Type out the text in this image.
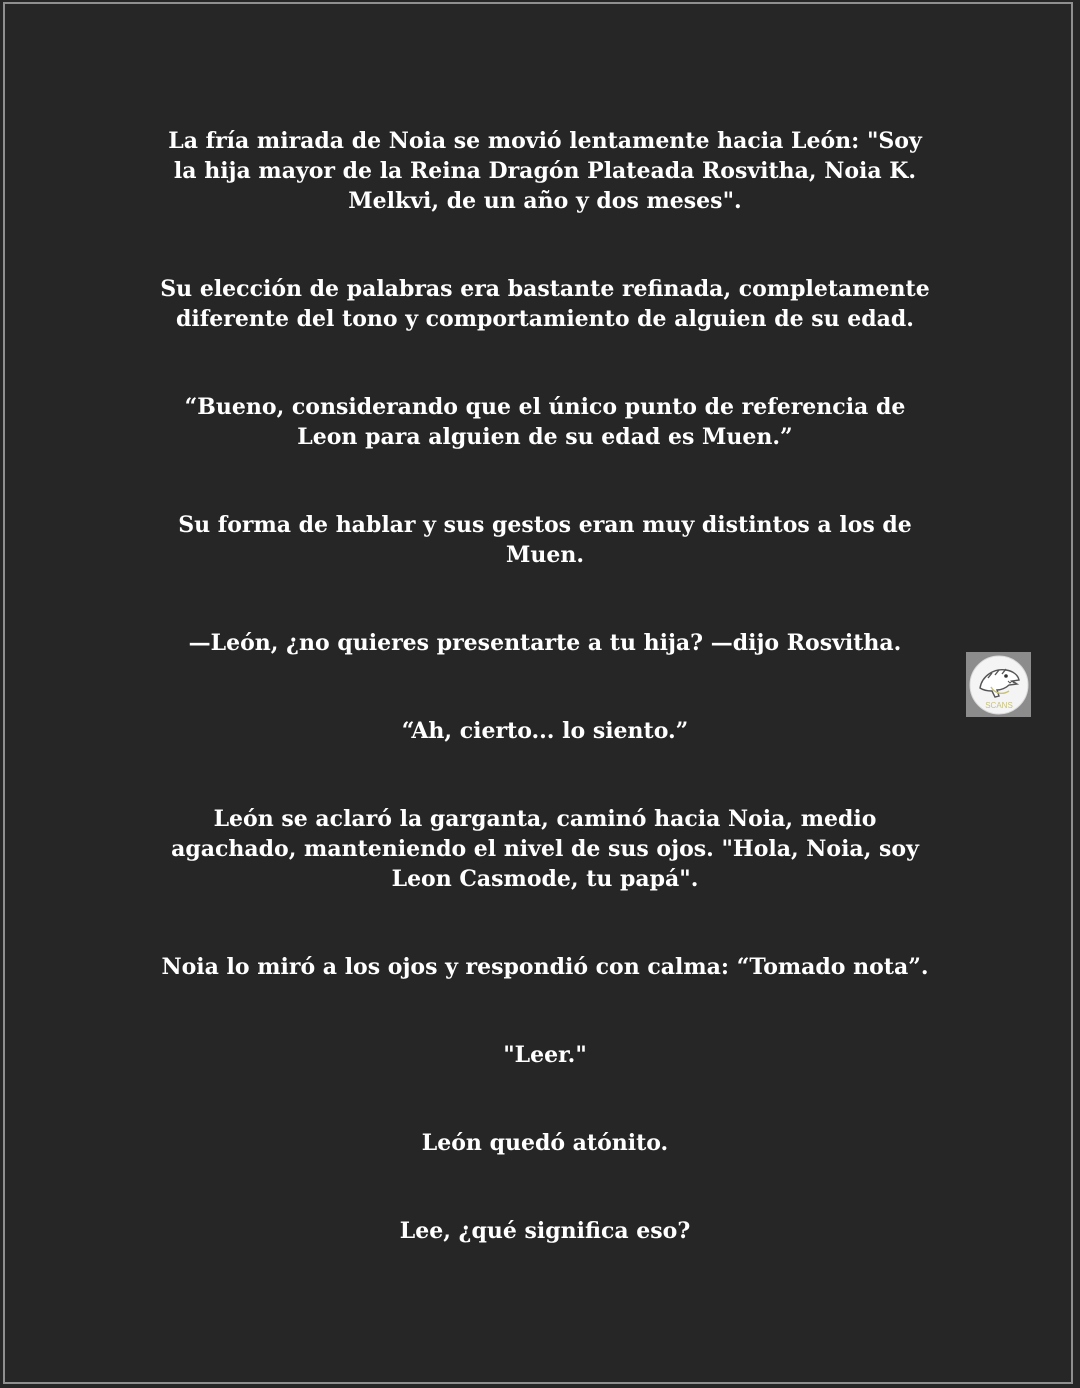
La fría mirada de Noia se movió lentamente hacia León: "Soy la hija mayor de la Reina Dragón Plateada Rosvitha, Noia K. Melkvi, de un año y dos meses".

Su elección de palabras era bastante refinada, completamente diferente del tono y comportamiento de alguien de su edad.

“Bueno, considerando que el único punto de referencia de Leon para alguien de su edad es Muen.”

Su forma de hablar y sus gestos eran muy distintos a los de Muen.

—León, ¿no quieres presentarte a tu hija? —dijo Rosvitha.

“Ah, cierto... lo siento.”

León se aclaró la garganta, caminó hacia Noia, medio agachado, manteniendo el nivel de sus ojos. "Hola, Noia, soy Leon Casmode, tu papá".

Noia lo miró a los ojos y respondió con calma: “Tomado nota”.

"Leer."

León quedó atónito.

Lee, ¿qué significa eso?

SCANS
